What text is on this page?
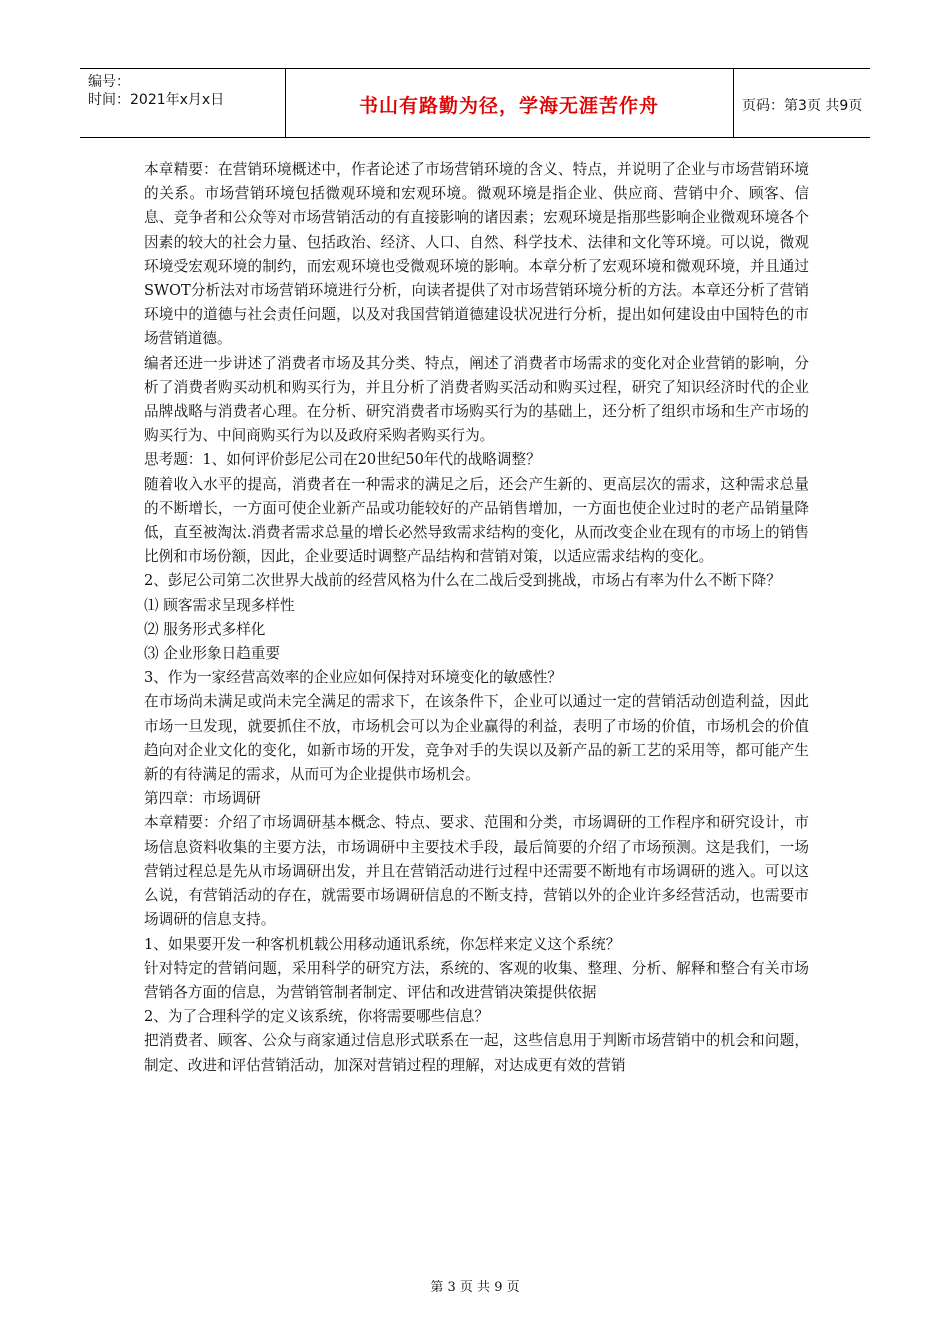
编号：
时间：2021年x月x日	书山有路勤为径，学海无涯苦作舟	页码：第3页 共9页

本章精要：在营销环境概述中，作者论述了市场营销环境的含义、特点，并说明了企业与市场营销环境的关系。市场营销环境包括微观环境和宏观环境。微观环境是指企业、供应商、营销中介、顾客、信息、竞争者和公众等对市场营销活动的有直接影响的诸因素；宏观环境是指那些影响企业微观环境各个因素的较大的社会力量、包括政治、经济、人口、自然、科学技术、法律和文化等环境。可以说，微观环境受宏观环境的制约，而宏观环境也受微观环境的影响。本章分析了宏观环境和微观环境，并且通过SWOT分析法对市场营销环境进行分析，向读者提供了对市场营销环境分析的方法。本章还分析了营销环境中的道德与社会责任问题，以及对我国营销道德建设状况进行分析，提出如何建设由中国特色的市场营销道德。

编者还进一步讲述了消费者市场及其分类、特点，阐述了消费者市场需求的变化对企业营销的影响，分析了消费者购买动机和购买行为，并且分析了消费者购买活动和购买过程，研究了知识经济时代的企业品牌战略与消费者心理。在分析、研究消费者市场购买行为的基础上，还分析了组织市场和生产市场的购买行为、中间商购买行为以及政府采购者购买行为。

思考题：1、如何评价彭尼公司在20世纪50年代的战略调整？

随着收入水平的提高，消费者在一种需求的满足之后，还会产生新的、更高层次的需求，这种需求总量的不断增长，一方面可使企业新产品或功能较好的产品销售增加，一方面也使企业过时的老产品销量降低，直至被淘汰.消费者需求总量的增长必然导致需求结构的变化，从而改变企业在现有的市场上的销售比例和市场份额，因此，企业要适时调整产品结构和营销对策，以适应需求结构的变化。

2、彭尼公司第二次世界大战前的经营风格为什么在二战后受到挑战，市场占有率为什么不断下降？

⑴ 顾客需求呈现多样性

⑵ 服务形式多样化

⑶ 企业形象日趋重要

3、作为一家经营高效率的企业应如何保持对环境变化的敏感性？

在市场尚未满足或尚未完全满足的需求下，在该条件下，企业可以通过一定的营销活动创造利益，因此市场一旦发现，就要抓住不放，市场机会可以为企业赢得的利益，表明了市场的价值，市场机会的价值趋向对企业文化的变化，如新市场的开发，竞争对手的失误以及新产品的新工艺的采用等，都可能产生新的有待满足的需求，从而可为企业提供市场机会。

第四章：市场调研

本章精要：介绍了市场调研基本概念、特点、要求、范围和分类，市场调研的工作程序和研究设计，市场信息资料收集的主要方法，市场调研中主要技术手段，最后简要的介绍了市场预测。这是我们，一场营销过程总是先从市场调研出发，并且在营销活动进行过程中还需要不断地有市场调研的逃入。可以这么说，有营销活动的存在，就需要市场调研信息的不断支持，营销以外的企业许多经营活动，也需要市场调研的信息支持。

1、如果要开发一种客机机载公用移动通讯系统，你怎样来定义这个系统？

针对特定的营销问题，采用科学的研究方法，系统的、客观的收集、整理、分析、解释和整合有关市场营销各方面的信息，为营销管制者制定、评估和改进营销决策提供依据

2、为了合理科学的定义该系统，你将需要哪些信息？

把消费者、顾客、公众与商家通过信息形式联系在一起，这些信息用于判断市场营销中的机会和问题，制定、改进和评估营销活动，加深对营销过程的理解，对达成更有效的营销

第 3 页 共 9 页
